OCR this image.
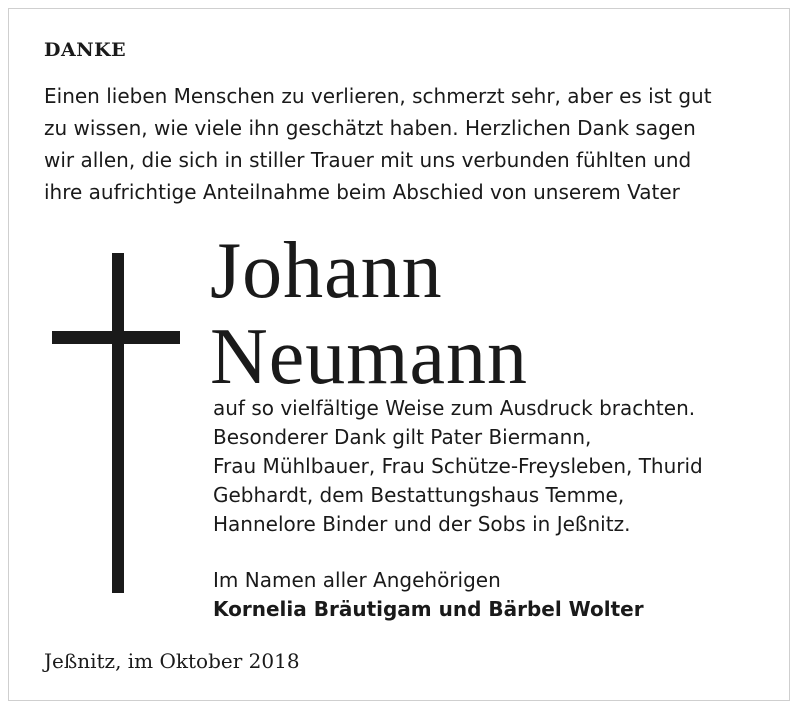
DANKE
Einen lieben Menschen zu verlieren, schmerzt sehr, aber es ist gut
zu wissen, wie viele ihn geschätzt haben. Herzlichen Dank sagen
wir allen, die sich in stiller Trauer mit uns verbunden fühlten und
ihre aufrichtige Anteilnahme beim Abschied von unserem Vater
Johann
Neumann
auf so vielfältige Weise zum Ausdruck brachten.
Besonderer Dank gilt Pater Biermann,
Frau Mühlbauer, Frau Schütze-Freysleben, Thurid
Gebhardt, dem Bestattungshaus Temme,
Hannelore Binder und der Sobs in Jeßnitz.
Im Namen aller Angehörigen
Kornelia Bräutigam und Bärbel Wolter
Jeßnitz, im Oktober 2018
